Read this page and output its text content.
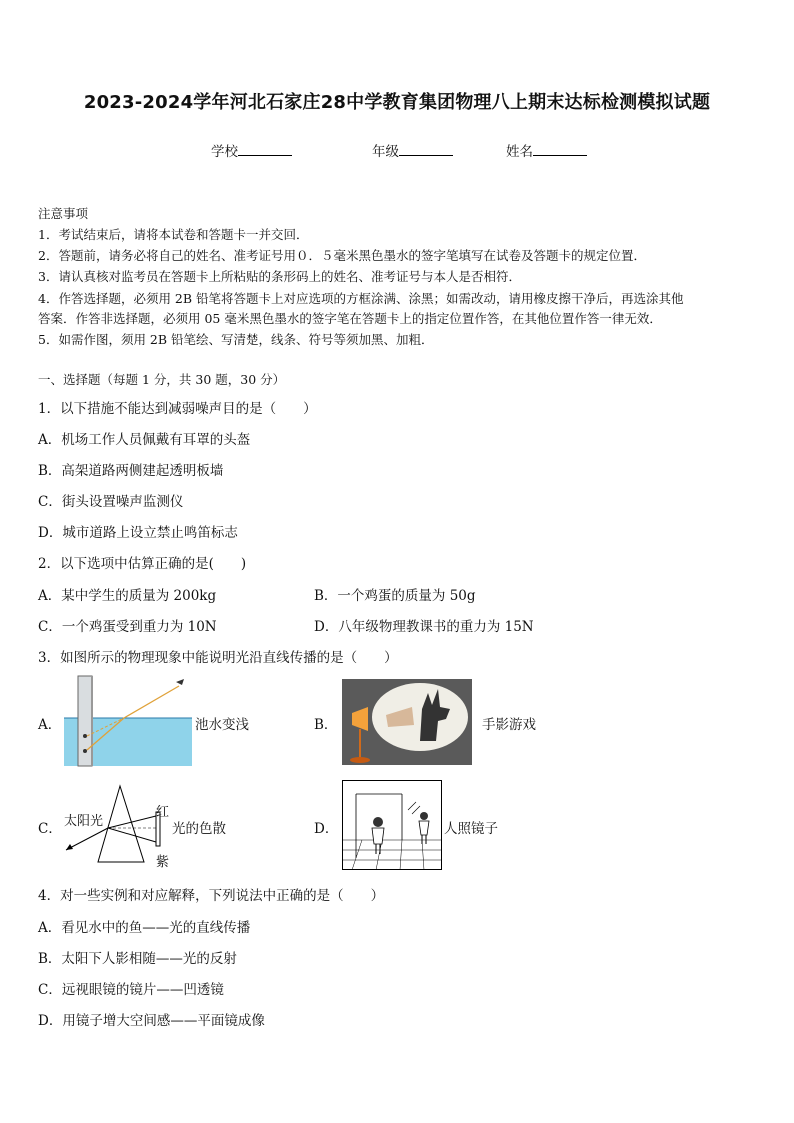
2023-2024学年河北石家庄28中学教育集团物理八上期末达标检测模拟试题
学校	年级	姓名
注意事项
1．考试结束后，请将本试卷和答题卡一并交回．
2．答题前，请务必将自己的姓名、准考证号用０．５毫米黑色墨水的签字笔填写在试卷及答题卡的规定位置．
3．请认真核对监考员在答题卡上所粘贴的条形码上的姓名、准考证号与本人是否相符．
4．作答选择题，必须用 2B 铅笔将答题卡上对应选项的方框涂满、涂黑；如需改动，请用橡皮擦干净后，再选涂其他
答案．作答非选择题，必须用 05 毫米黑色墨水的签字笔在答题卡上的指定位置作答，在其他位置作答一律无效．
5．如需作图，须用 2B 铅笔绘、写清楚，线条、符号等须加黑、加粗．
一、选择题（每题 1 分，共 30 题，30 分）
1．以下措施不能达到减弱噪声目的是（　　）
A．机场工作人员佩戴有耳罩的头盔
B．高架道路两侧建起透明板墙
C．街头设置噪声监测仪
D．城市道路上设立禁止鸣笛标志
2．以下选项中估算正确的是(　　)
A．某中学生的质量为 200kg	B．一个鸡蛋的质量为 50g
C．一个鸡蛋受到重力为 10N	D．八年级物理教课书的重力为 15N
3．如图所示的物理现象中能说明光沿直线传播的是（　　）
A．	池水变浅	B．	手影游戏
C． 太阳光
红
紫
光的色散	D．	人照镜子
4．对一些实例和对应解释，下列说法中正确的是（　　）
A．看见水中的鱼——光的直线传播
B．太阳下人影相随——光的反射
C．远视眼镜的镜片——凹透镜
D．用镜子增大空间感——平面镜成像
